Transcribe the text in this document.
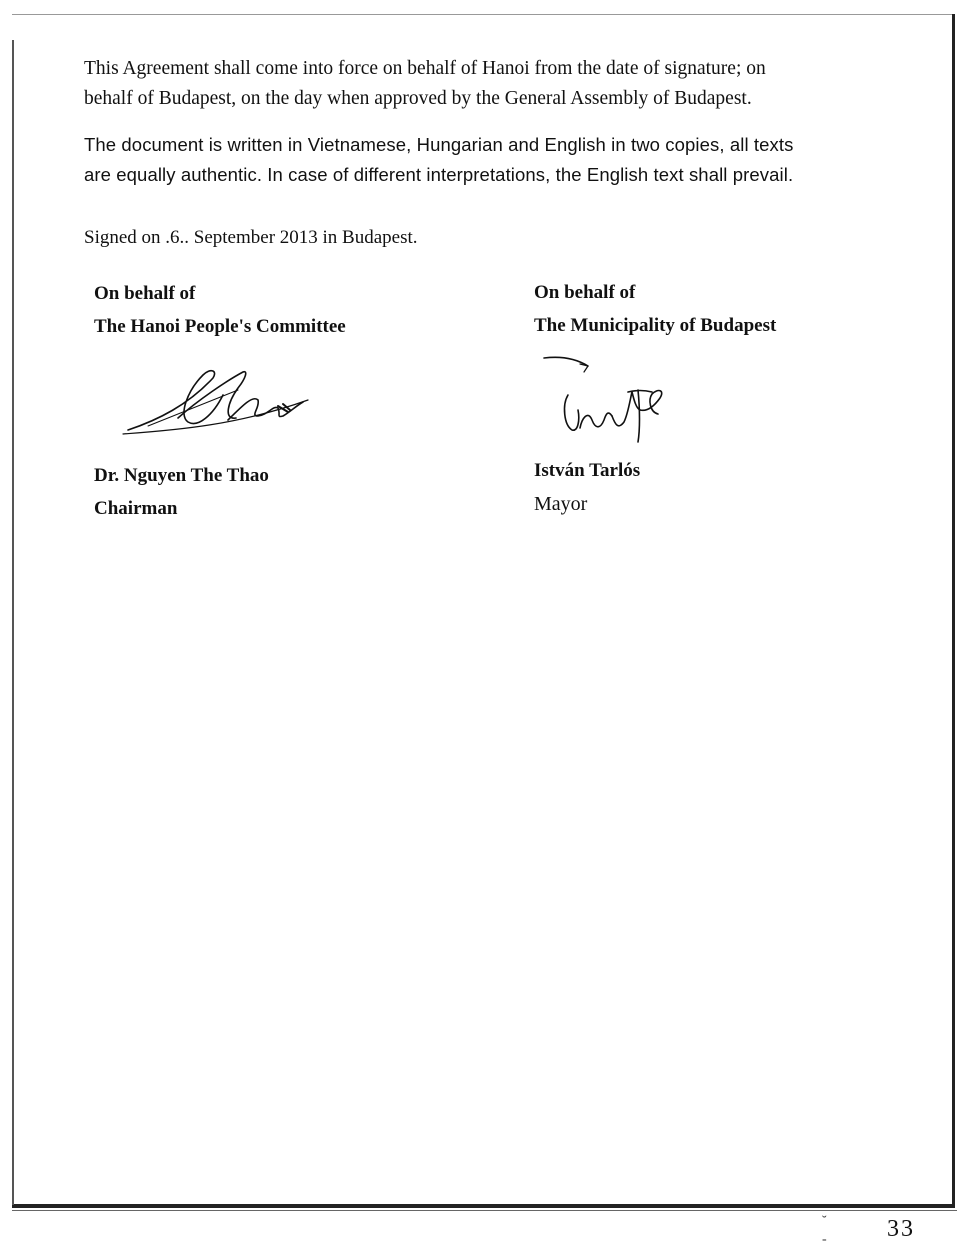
This Agreement shall come into force on behalf of Hanoi from the date of signature; on
behalf of Budapest, on the day when approved by the General Assembly of Budapest.
The document is written in Vietnamese, Hungarian and English in two copies, all texts
are equally authentic. In case of different interpretations, the English text shall prevail.
Signed on .6.. September 2013 in Budapest.
On behalf of
The Hanoi People's Committee
On behalf of
The Municipality of Budapest
Dr. Nguyen The Thao
Chairman
István Tarlós
Mayor
˘
-	33
